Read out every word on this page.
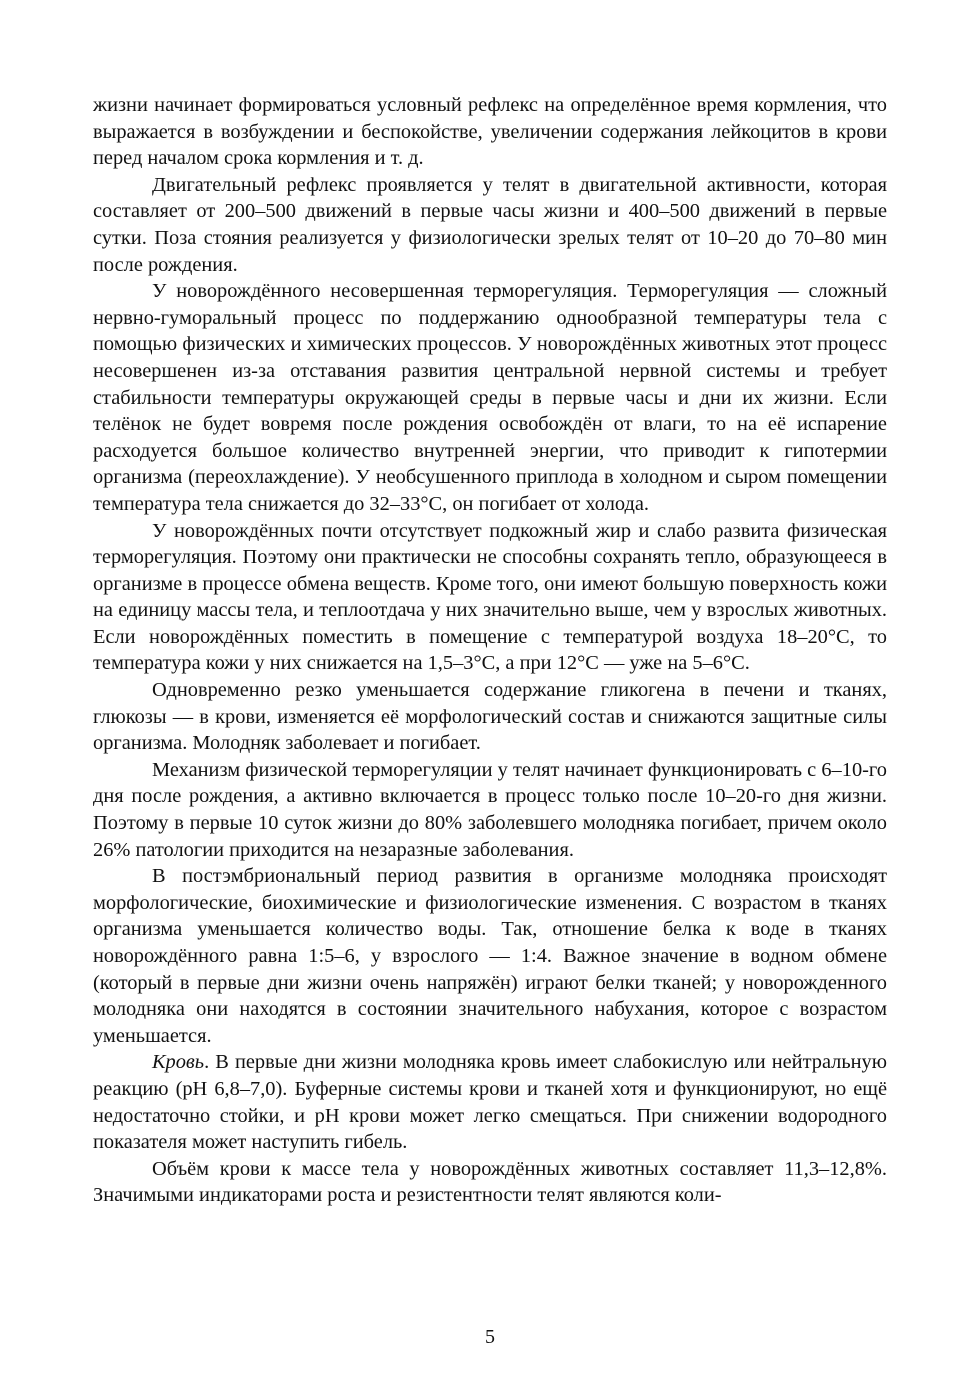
жизни начинает формироваться условный рефлекс на определённое время кормления, что выражается в возбуждении и беспокойстве, увеличении содержания лейкоцитов в крови перед началом срока кормления и т. д.

Двигательный рефлекс проявляется у телят в двигательной активности, которая составляет от 200–500 движений в первые часы жизни и 400–500 движений в первые сутки. Поза стояния реализуется у физиологически зрелых телят от 10–20 до 70–80 мин после рождения.

У новорождённого несовершенная терморегуляция. Терморегуляция — сложный нервно-гуморальный процесс по поддержанию однообразной температуры тела с помощью физических и химических процессов. У новорождённых животных этот процесс несовершенен из-за отставания развития центральной нервной системы и требует стабильности температуры окружающей среды в первые часы и дни их жизни. Если телёнок не будет вовремя после рождения освобождён от влаги, то на её испарение расходуется большое количество внутренней энергии, что приводит к гипотермии организма (переохлаждение). У необсушенного приплода в холодном и сыром помещении температура тела снижается до 32–33°С, он погибает от холода.

У новорождённых почти отсутствует подкожный жир и слабо развита физическая терморегуляция. Поэтому они практически не способны сохранять тепло, образующееся в организме в процессе обмена веществ. Кроме того, они имеют большую поверхность кожи на единицу массы тела, и теплоотдача у них значительно выше, чем у взрослых животных. Если новорождённых поместить в помещение с температурой воздуха 18–20°С, то температура кожи у них снижается на 1,5–3°С, а при 12°С — уже на 5–6°С.

Одновременно резко уменьшается содержание гликогена в печени и тканях, глюкозы — в крови, изменяется её морфологический состав и снижаются защитные силы организма. Молодняк заболевает и погибает.

Механизм физической терморегуляции у телят начинает функционировать с 6–10-го дня после рождения, а активно включается в процесс только после 10–20-го дня жизни. Поэтому в первые 10 суток жизни до 80% заболевшего молодняка погибает, причем около 26% патологии приходится на незаразные заболевания.

В постэмбриональный период развития в организме молодняка происходят морфологические, биохимические и физиологические изменения. С возрастом в тканях организма уменьшается количество воды. Так, отношение белка к воде в тканях новорождённого равна 1:5–6, у взрослого — 1:4. Важное значение в водном обмене (который в первые дни жизни очень напряжён) играют белки тканей; у новорожденного молодняка они находятся в состоянии значительного набухания, которое с возрастом уменьшается.

Кровь. В первые дни жизни молодняка кровь имеет слабокислую или нейтральную реакцию (рН 6,8–7,0). Буферные системы крови и тканей хотя и функционируют, но ещё недостаточно стойки, и рН крови может легко смещаться. При снижении водородного показателя может наступить гибель.

Объём крови к массе тела у новорождённых животных составляет 11,3–12,8%. Значимыми индикаторами роста и резистентности телят являются коли-

5
